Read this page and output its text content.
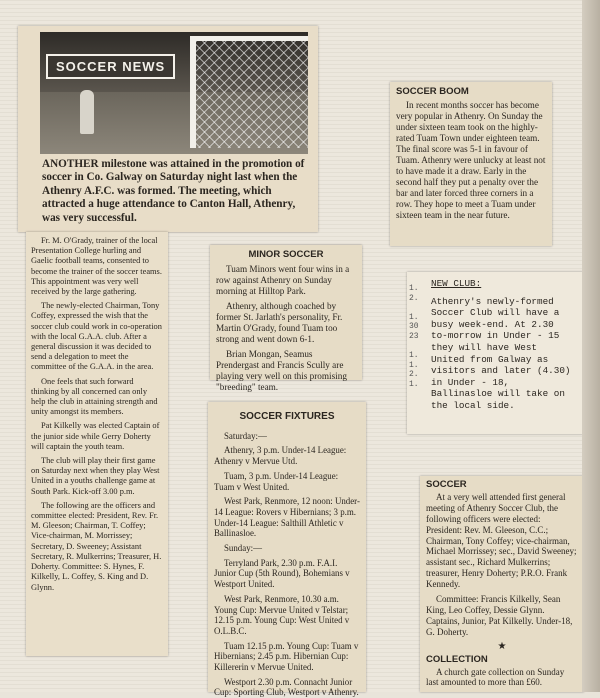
SOCCER NEWS
ANOTHER milestone was attained in the promotion of soccer in Co. Galway on Saturday night last when the Athenry A.F.C. was formed. The meeting, which attracted a huge attendance to Canton Hall, Athenry, was very successful.

Fr. M. O'Grady, trainer of the local Presentation College hurling and Gaelic football teams, consented to become the trainer of the soccer teams. This appointment was very well received by the large gathering.

The newly-elected Chairman, Tony Coffey, expressed the wish that the soccer club could work in co-operation with the local G.A.A. club. After a general discussion it was decided to send a delegation to meet the committee of the G.A.A. in the area.

One feels that such forward thinking by all concerned can only help the club in attaining strength and unity amongst its members.

Pat Kilkelly was elected Captain of the junior side while Gerry Doherty will captain the youth team.

The club will play their first game on Saturday next when they play West United in a youths challenge game at South Park. Kick-off 3.00 p.m.

The following are the officers and committee elected: President, Rev. Fr. M. Gleeson; Chairman, T. Coffey; Vice-chairman, M. Morrissey; Secretary, D. Sweeney; Assistant Secretary, R. Mulkerrins; Treasurer, H. Doherty. Committee: S. Hynes, F. Kilkelly, L. Coffey, S. King and D. Glynn.

SOCCER BOOM

In recent months soccer has become very popular in Athenry. On Sunday the under sixteen team took on the highly-rated Tuam Town under eighteen team. The final score was 5-1 in favour of Tuam. Athenry were unlucky at least not to have made it a draw. Early in the second half they put a penalty over the bar and later forced three corners in a row. They hope to meet a Tuam under sixteen team in the near future.

MINOR SOCCER

Tuam Minors went four wins in a row against Athenry on Sunday morning at Hilltop Park.

Athenry, although coached by former St. Jarlath's personality, Fr. Martin O'Grady, found Tuam too strong and went down 6-1.

Brian Mongan, Seamus Prendergast and Francis Scully are playing very well on this promising "breeding" team.

1.
2.

1.
30
23

1.
1.
2.
1.
NEW CLUB:
Athenry's newly-formed Soccer Club will have a busy week-end. At 2.30 to-morrow in Under - 15 they will have West United from Galway as visitors and later (4.30) in Under - 18, Ballinasloe will take on the local side.
SOCCER FIXTURES

Saturday:—

Athenry, 3 p.m. Under-14 League: Athenry v Mervue Utd.

Tuam, 3 p.m. Under-14 League: Tuam v West United.

West Park, Renmore, 12 noon: Under-14 League: Rovers v Hibernians; 3 p.m. Under-14 League: Salthill Athletic v Ballinasloe.

Sunday:—

Terryland Park, 2.30 p.m. F.A.I. Junior Cup (5th Round), Bohemians v Westport United.

West Park, Renmore, 10.30 a.m. Young Cup: Mervue United v Telstar; 12.15 p.m. Young Cup: West United v O.L.B.C.

Tuam 12.15 p.m. Young Cup: Tuam v Hibernians; 2.45 p.m. Hibernian Cup: Killererin v Mervue United.

Westport 2.30 p.m. Connacht Junior Cup: Sporting Club, Westport v Athenry.

SOCCER

At a very well attended first general meeting of Athenry Soccer Club, the following officers were elected: President: Rev. M. Gleeson, C.C.; Chairman, Tony Coffey; vice-chairman, Michael Morrissey; sec., David Sweeney; assistant sec., Richard Mulkerrins; treasurer, Henry Doherty; P.R.O. Frank Kennedy.

Committee: Francis Kilkelly, Sean King, Leo Coffey, Dessie Glynn. Captains, Junior, Pat Kilkelly. Under-18, G. Doherty.

★
COLLECTION

A church gate collection on Sunday last amounted to more than £60.
